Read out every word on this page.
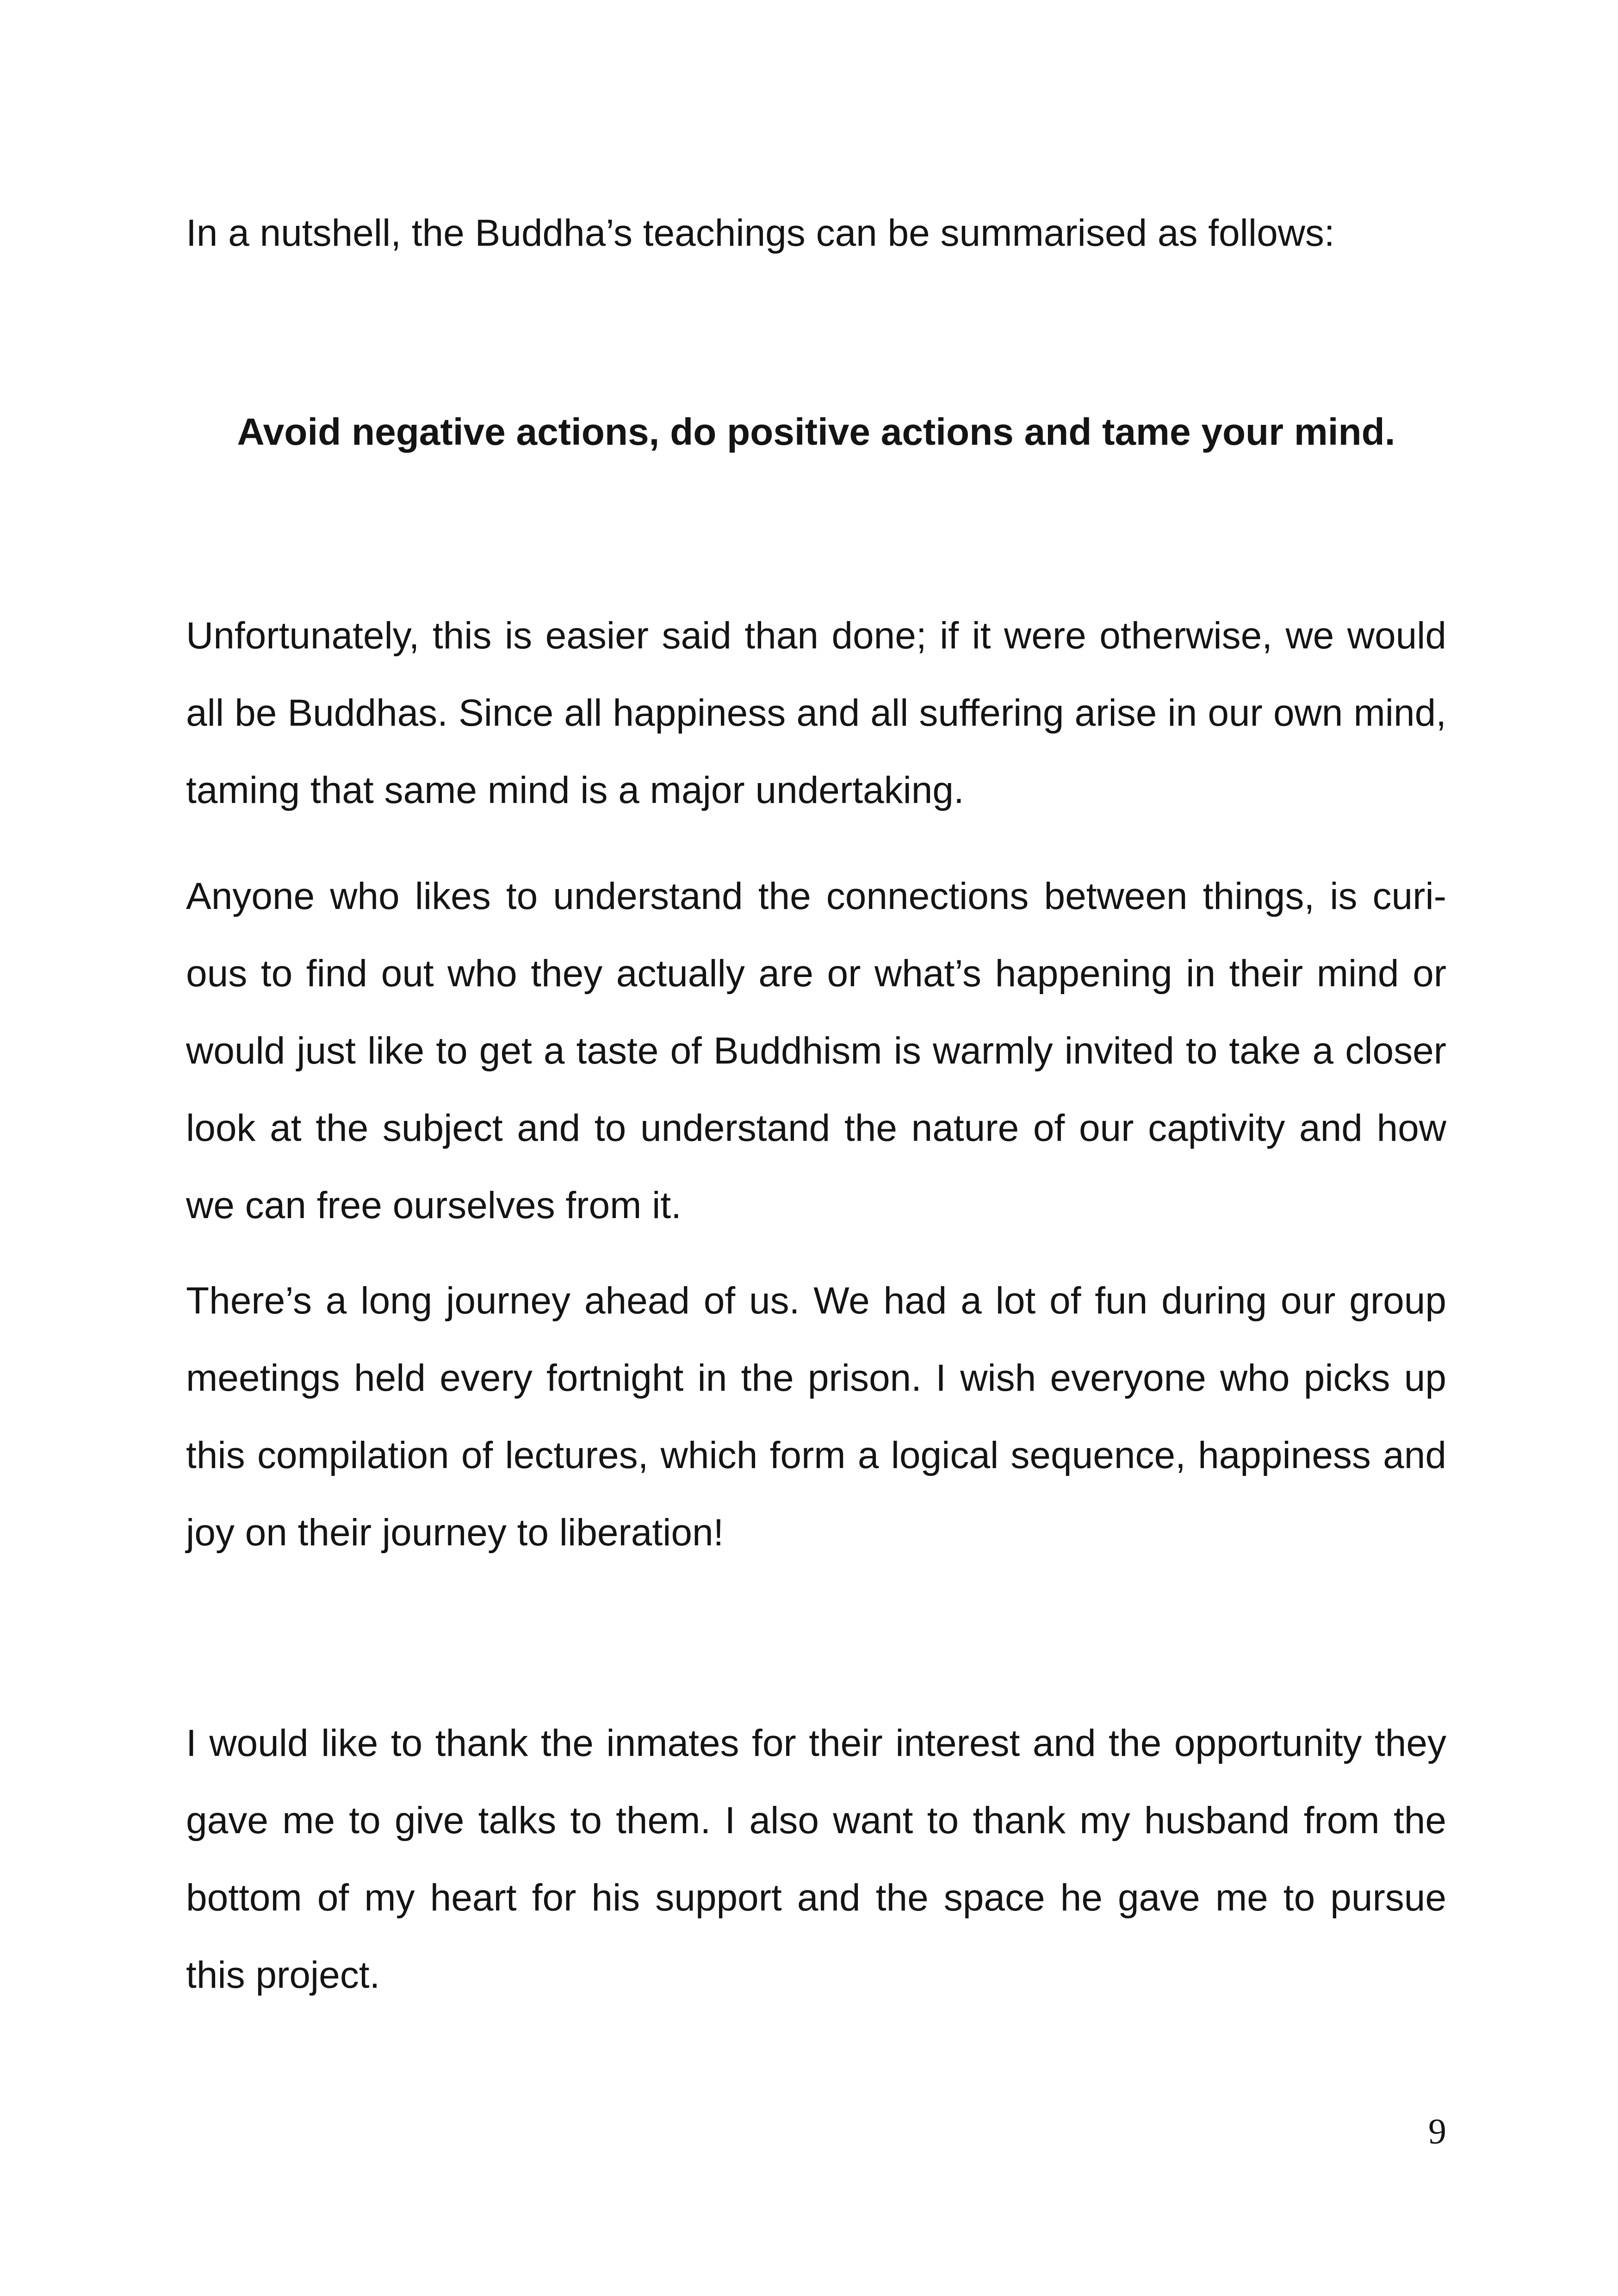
In a nutshell, the Buddha’s teachings can be summarised as follows:

Avoid negative actions, do positive actions and tame your mind.

Unfortunately, this is easier said than done; if it were otherwise, we would all be Buddhas. Since all happiness and all suffering arise in our own mind, taming that same mind is a major undertaking.

Anyone who likes to understand the connections between things, is curi-ous to find out who they actually are or what’s happening in their mind or would just like to get a taste of Buddhism is warmly invited to take a closer look at the subject and to understand the nature of our captivity and how we can free ourselves from it.

There’s a long journey ahead of us. We had a lot of fun during our group meetings held every fortnight in the prison. I wish everyone who picks up this compilation of lectures, which form a logical sequence, happiness and joy on their journey to liberation!

I would like to thank the inmates for their interest and the opportunity they gave me to give talks to them. I also want to thank my husband from the bottom of my heart for his support and the space he gave me to pursue this project.

9
